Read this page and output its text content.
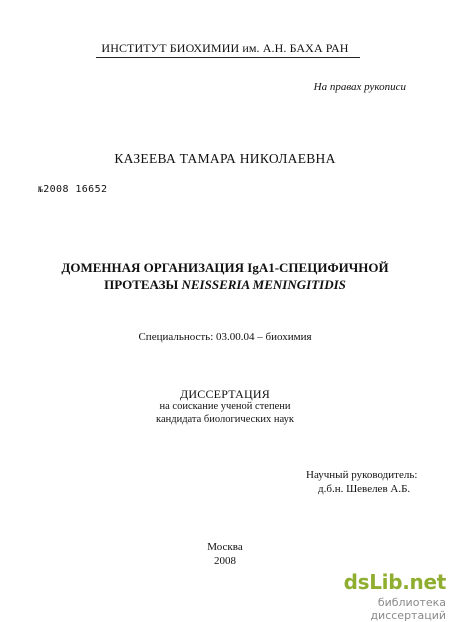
ИНСТИТУТ БИОХИМИИ им. А.Н. БАХА РАН
На правах рукописи
КАЗЕЕВА ТАМАРА НИКОЛАЕВНА
№2008 16652
ДОМЕННАЯ ОРГАНИЗАЦИЯ IgA1-СПЕЦИФИЧНОЙ
ПРОТЕАЗЫ NEISSERIA MENINGITIDIS
Специальность: 03.00.04 – биохимия
ДИССЕРТАЦИЯ
на соискание ученой степени
кандидата биологических наук
Научный руководитель:
д.б.н. Шевелев А.Б.
Москва
2008
dsLib.net
библиотека диссертаций
